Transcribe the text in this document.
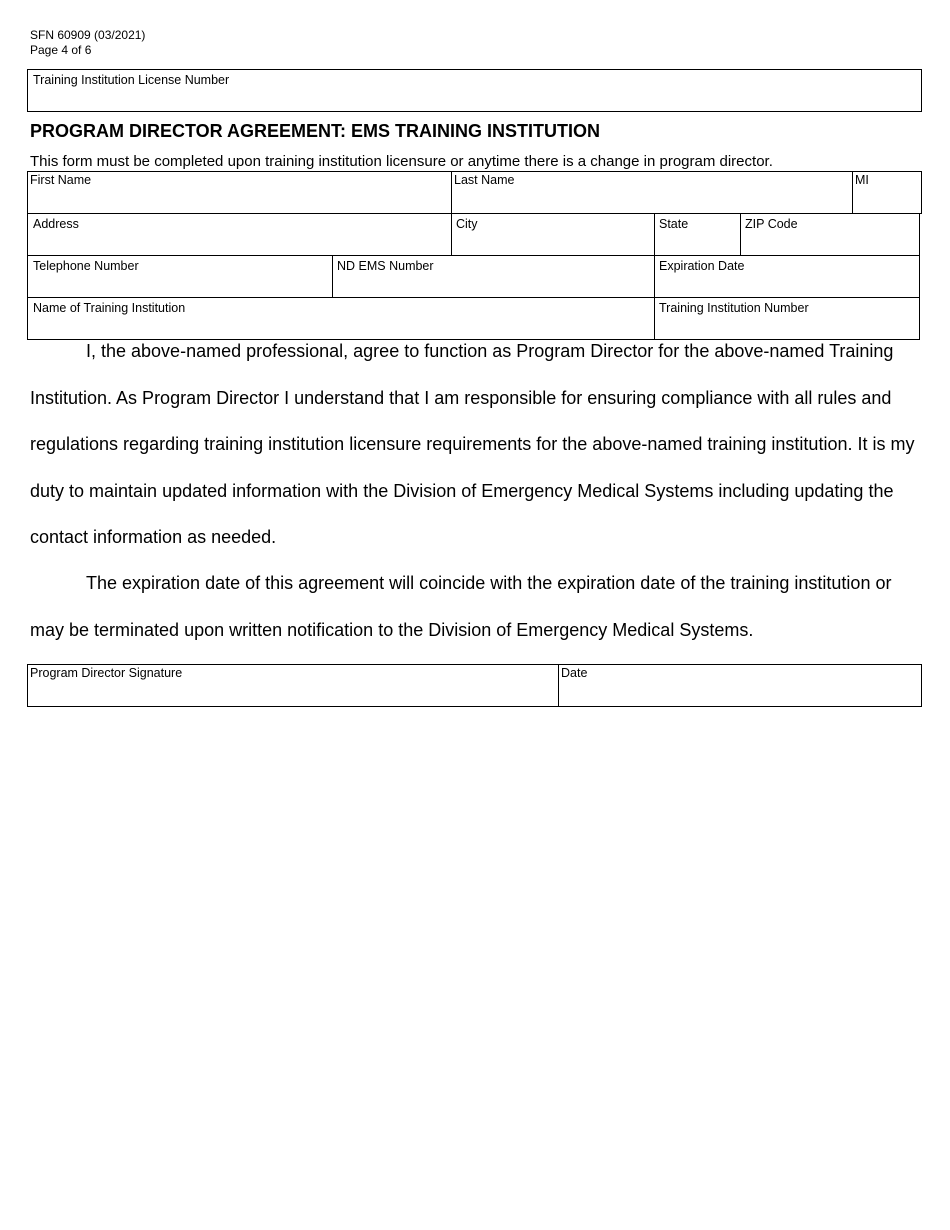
SFN 60909 (03/2021)
Page 4 of 6
Training Institution License Number
PROGRAM DIRECTOR AGREEMENT: EMS TRAINING INSTITUTION
This form must be completed upon training institution licensure or anytime there is a change in program director.
First Name	Last Name	MI
Address	City	State	ZIP Code
Telephone Number	ND EMS Number	Expiration Date
Name of Training Institution	Training Institution Number

I, the above-named professional, agree to function as Program Director for the above-named Training Institution. As Program Director I understand that I am responsible for ensuring compliance with all rules and regulations regarding training institution licensure requirements for the above-named training institution. It is my duty to maintain updated information with the Division of Emergency Medical Systems including updating the contact information as needed.

The expiration date of this agreement will coincide with the expiration date of the training institution or may be terminated upon written notification to the Division of Emergency Medical Systems.

Program Director Signature	Date
